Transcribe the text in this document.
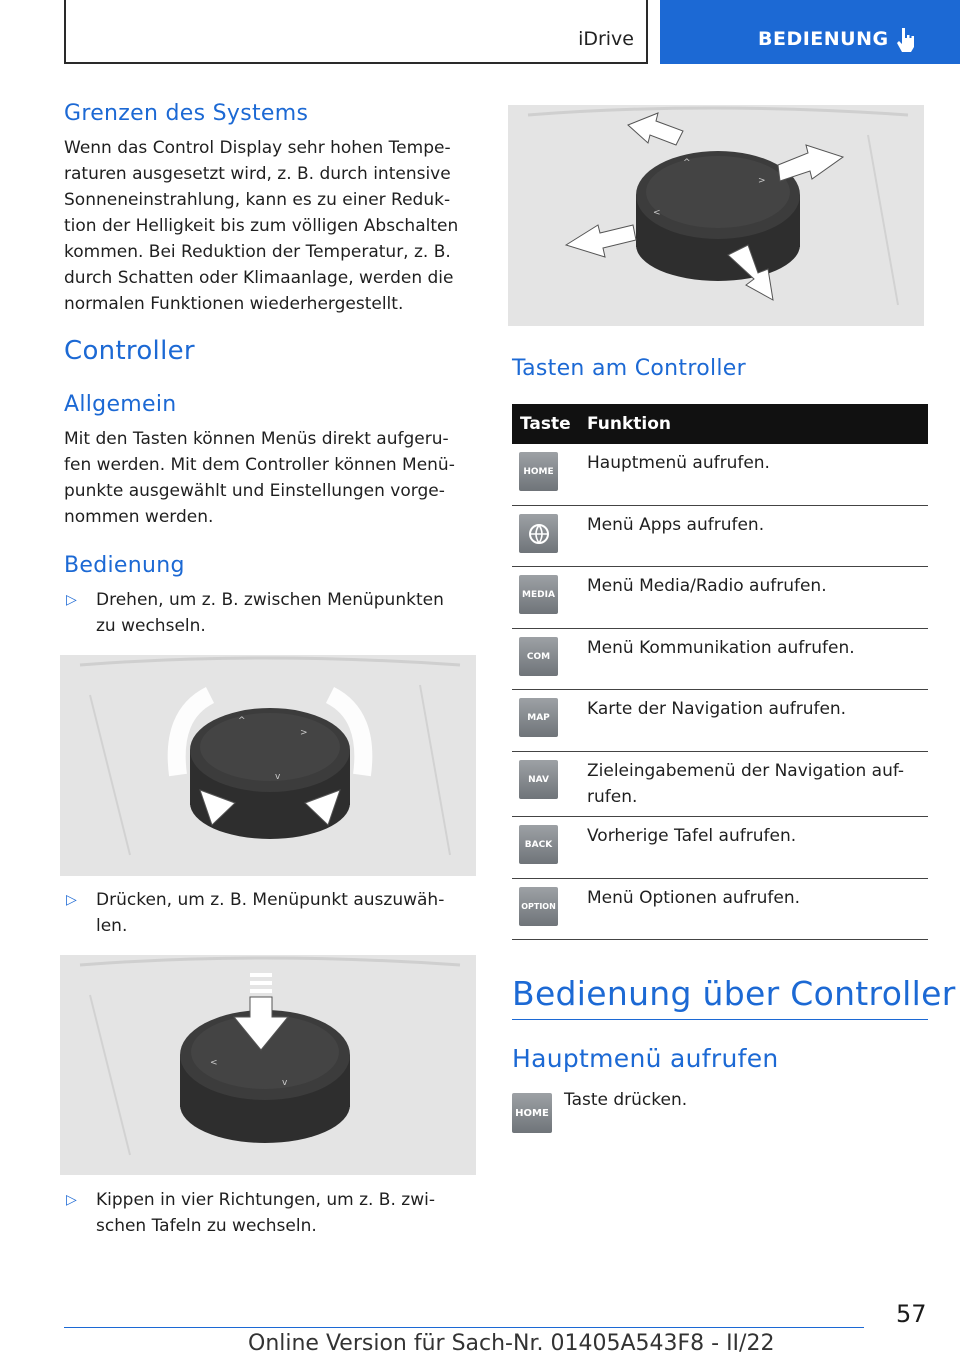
iDrive	BEDIENUNG
Grenzen des Systems
Wenn das Control Display sehr hohen Tempe-
raturen ausgesetzt wird, z. B. durch intensive
Sonneneinstrahlung, kann es zu einer Reduk-
tion der Helligkeit bis zum völligen Abschalten
kommen. Bei Reduktion der Temperatur, z. B.
durch Schatten oder Klimaanlage, werden die
normalen Funktionen wiederhergestellt.
Controller
Allgemein
Mit den Tasten können Menüs direkt aufgeru-
fen werden. Mit dem Controller können Menü-
punkte ausgewählt und Einstellungen vorge-
nommen werden.
Bedienung
▷	Drehen, um z. B. zwischen Menüpunkten
zu wechseln.
^
>
v
▷	Drücken, um z. B. Menüpunkt auszuwäh-
len.
<
v
▷	Kippen in vier Richtungen, um z. B. zwi-
schen Tafeln zu wechseln.
^
<
>
Tasten am Controller
Taste Funktion
HOME Hauptmenü aufrufen.
Menü Apps aufrufen.
MEDIA Menü Media/Radio aufrufen.
COM	Menü Kommunikation aufrufen.
MAP	Karte der Navigation aufrufen.
NAV	Zieleingabemenü der Navigation auf-
rufen.
BACK	Vorherige Tafel aufrufen.
OPTION Menü Optionen aufrufen.
Bedienung über Controller
Hauptmenü aufrufen
HOME
Taste drücken.
57
Online Version für Sach-Nr. 01405A543F8 - II/22
